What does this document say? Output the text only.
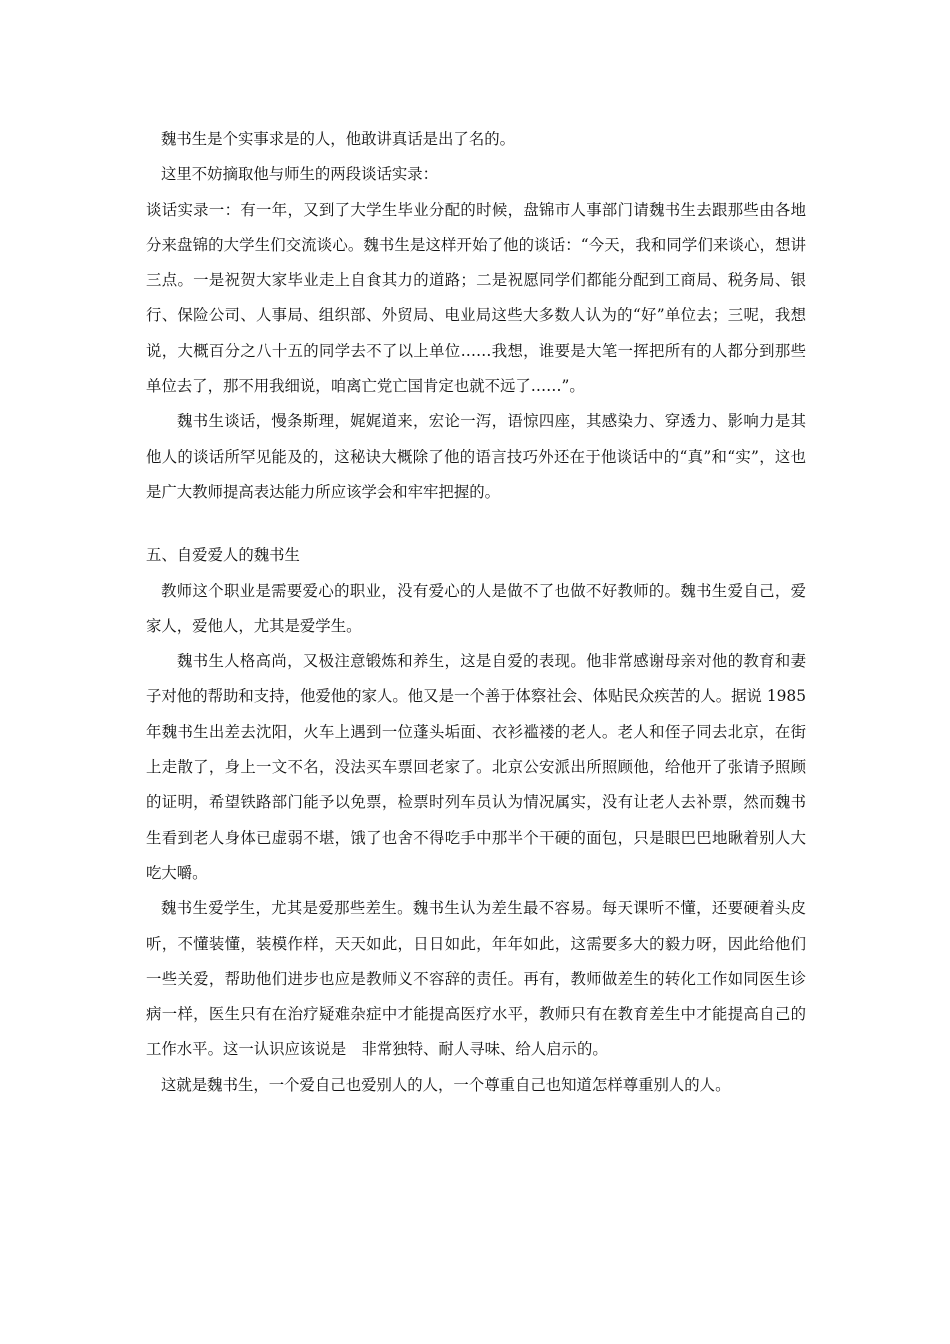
魏书生是个实事求是的人，他敢讲真话是出了名的。

这里不妨摘取他与师生的两段谈话实录：

谈话实录一：有一年，又到了大学生毕业分配的时候，盘锦市人事部门请魏书生去跟那些由各地分来盘锦的大学生们交流谈心。魏书生是这样开始了他的谈话：“今天，我和同学们来谈心，想讲三点。一是祝贺大家毕业走上自食其力的道路；二是祝愿同学们都能分配到工商局、税务局、银行、保险公司、人事局、组织部、外贸局、电业局这些大多数人认为的“好”单位去；三呢，我想说，大概百分之八十五的同学去不了以上单位……我想，谁要是大笔一挥把所有的人都分到那些单位去了，那不用我细说，咱离亡党亡国肯定也就不远了……”。

魏书生谈话，慢条斯理，娓娓道来，宏论一泻，语惊四座，其感染力、穿透力、影响力是其他人的谈话所罕见能及的，这秘诀大概除了他的语言技巧外还在于他谈话中的“真”和“实”，这也是广大教师提高表达能力所应该学会和牢牢把握的。

五、自爱爱人的魏书生

教师这个职业是需要爱心的职业，没有爱心的人是做不了也做不好教师的。魏书生爱自己，爱家人，爱他人，尤其是爱学生。

魏书生人格高尚，又极注意锻炼和养生，这是自爱的表现。他非常感谢母亲对他的教育和妻子对他的帮助和支持，他爱他的家人。他又是一个善于体察社会、体贴民众疾苦的人。据说 1985 年魏书生出差去沈阳，火车上遇到一位蓬头垢面、衣衫褴褛的老人。老人和侄子同去北京，在街上走散了，身上一文不名，没法买车票回老家了。北京公安派出所照顾他，给他开了张请予照顾的证明，希望铁路部门能予以免票，检票时列车员认为情况属实，没有让老人去补票，然而魏书生看到老人身体已虚弱不堪，饿了也舍不得吃手中那半个干硬的面包，只是眼巴巴地瞅着别人大吃大嚼。

魏书生爱学生，尤其是爱那些差生。魏书生认为差生最不容易。每天课听不懂，还要硬着头皮听，不懂装懂，装模作样，天天如此，日日如此，年年如此，这需要多大的毅力呀，因此给他们一些关爱，帮助他们进步也应是教师义不容辞的责任。再有，教师做差生的转化工作如同医生诊病一样，医生只有在治疗疑难杂症中才能提高医疗水平，教师只有在教育差生中才能提高自己的工作水平。这一认识应该说是　非常独特、耐人寻味、给人启示的。

这就是魏书生，一个爱自己也爱别人的人，一个尊重自己也知道怎样尊重别人的人。
